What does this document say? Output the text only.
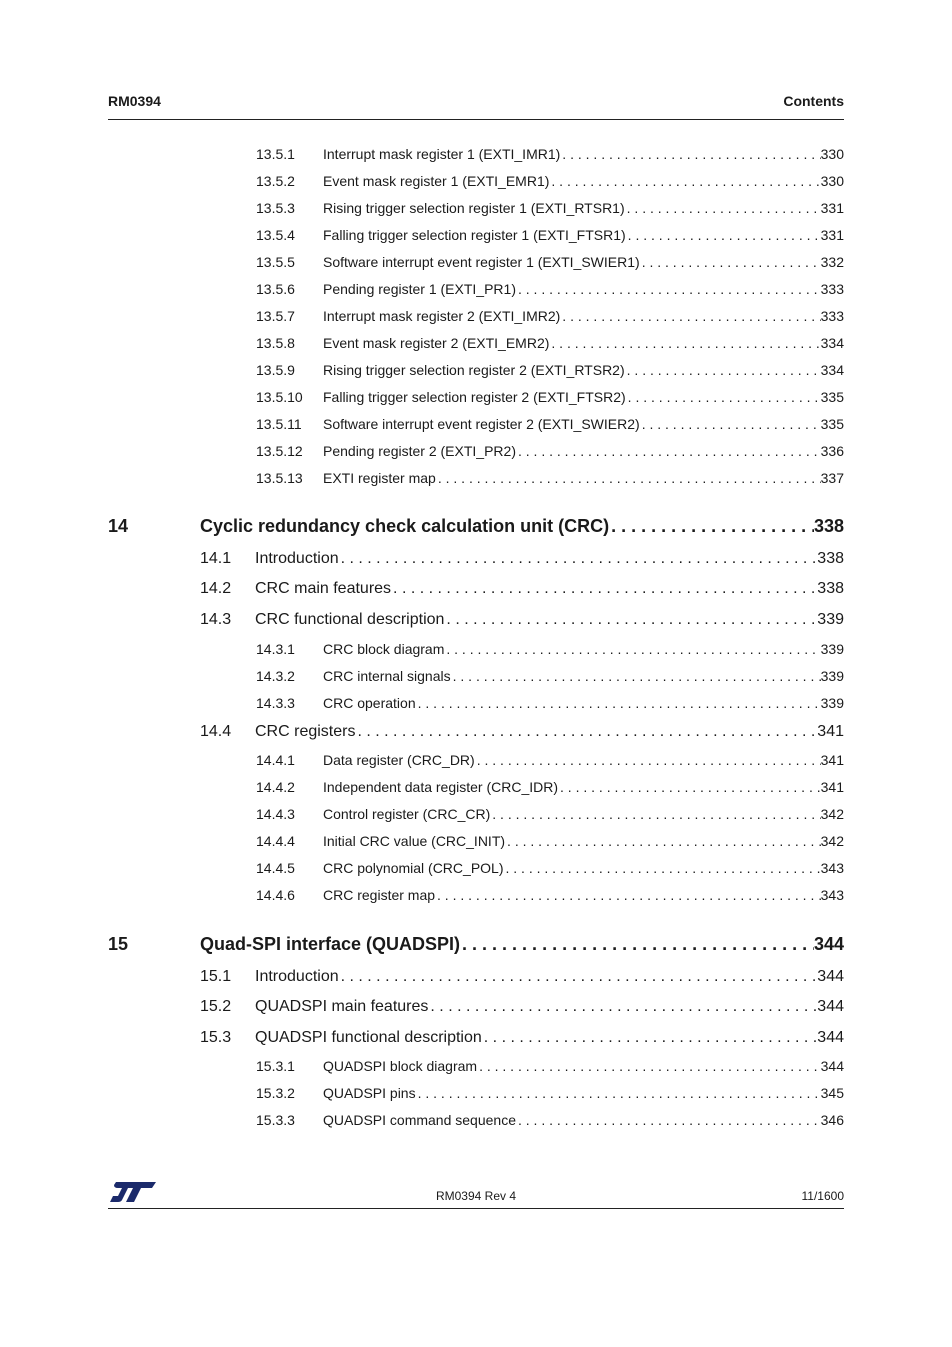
RM0394	Contents
13.5.1	Interrupt mask register 1 (EXTI_IMR1) . . .	330
13.5.2	Event mask register 1 (EXTI_EMR1) . . .	330
13.5.3	Rising trigger selection register 1 (EXTI_RTSR1) . . .	331
13.5.4	Falling trigger selection register 1 (EXTI_FTSR1) . . .	331
13.5.5	Software interrupt event register 1 (EXTI_SWIER1) . . .	332
13.5.6	Pending register 1 (EXTI_PR1) . . .	333
13.5.7	Interrupt mask register 2 (EXTI_IMR2) . . .	333
13.5.8	Event mask register 2 (EXTI_EMR2) . . .	334
13.5.9	Rising trigger selection register 2 (EXTI_RTSR2) . . .	334
13.5.10	Falling trigger selection register 2 (EXTI_FTSR2) . . .	335
13.5.11	Software interrupt event register 2 (EXTI_SWIER2) . . .	335
13.5.12	Pending register 2 (EXTI_PR2) . . .	336
13.5.13	EXTI register map . . .	337
14	Cyclic redundancy check calculation unit (CRC) . . .	338
14.1	Introduction . . .	338
14.2	CRC main features . . .	338
14.3	CRC functional description . . .	339
14.3.1	CRC block diagram . . .	339
14.3.2	CRC internal signals . . .	339
14.3.3	CRC operation . . .	339
14.4	CRC registers . . .	341
14.4.1	Data register (CRC_DR) . . .	341
14.4.2	Independent data register (CRC_IDR) . . .	341
14.4.3	Control register (CRC_CR) . . .	342
14.4.4	Initial CRC value (CRC_INIT) . . .	342
14.4.5	CRC polynomial (CRC_POL) . . .	343
14.4.6	CRC register map . . .	343
15	Quad-SPI interface (QUADSPI) . . .	344
15.1	Introduction . . .	344
15.2	QUADSPI main features . . .	344
15.3	QUADSPI functional description . . .	344
15.3.1	QUADSPI block diagram . . .	344
15.3.2	QUADSPI pins . . .	345
15.3.3	QUADSPI command sequence . . .	346
RM0394 Rev 4	11/1600
